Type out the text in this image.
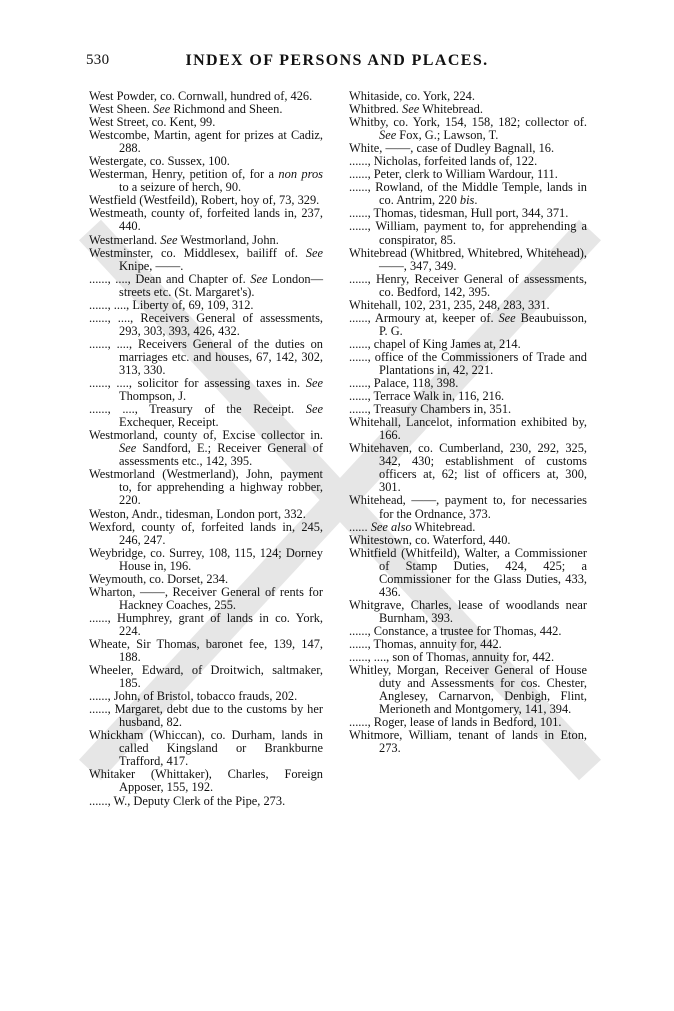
530	INDEX OF PERSONS AND PLACES.

West Powder, co. Cornwall, hundred of, 426.

West Sheen. See Richmond and Sheen.

West Street, co. Kent, 99.

Westcombe, Martin, agent for prizes at Cadiz, 288.

Westergate, co. Sussex, 100.

Westerman, Henry, petition of, for a non pros to a seizure of herch, 90.

Westfield (Westfeild), Robert, hoy of, 73, 329.

Westmeath, county of, forfeited lands in, 237, 440.

Westmerland. See Westmorland, John.

Westminster, co. Middlesex, bailiff of. See Knipe, ——.

......, ...., Dean and Chapter of. See London—streets etc. (St. Margaret's).

......, ...., Liberty of, 69, 109, 312.

......, ...., Receivers General of assessments, 293, 303, 393, 426, 432.

......, ...., Receivers General of the duties on marriages etc. and houses, 67, 142, 302, 313, 330.

......, ...., solicitor for assessing taxes in. See Thompson, J.

......, ...., Treasury of the Receipt. See Exchequer, Receipt.

Westmorland, county of, Excise collector in. See Sandford, E.; Receiver General of assessments etc., 142, 395.

Westmorland (Westmerland), John, payment to, for apprehending a highway robber, 220.

Weston, Andr., tidesman, London port, 332.

Wexford, county of, forfeited lands in, 245, 246, 247.

Weybridge, co. Surrey, 108, 115, 124; Dorney House in, 196.

Weymouth, co. Dorset, 234.

Wharton, ——, Receiver General of rents for Hackney Coaches, 255.

......, Humphrey, grant of lands in co. York, 224.

Wheate, Sir Thomas, baronet fee, 139, 147, 188.

Wheeler, Edward, of Droitwich, saltmaker, 185.

......, John, of Bristol, tobacco frauds, 202.

......, Margaret, debt due to the customs by her husband, 82.

Whickham (Whiccan), co. Durham, lands in called Kingsland or Brankburne Trafford, 417.

Whitaker (Whittaker), Charles, Foreign Apposer, 155, 192.

......, W., Deputy Clerk of the Pipe, 273.

Whitaside, co. York, 224.

Whitbred. See Whitebread.

Whitby, co. York, 154, 158, 182; collector of. See Fox, G.; Lawson, T.

White, ——, case of Dudley Bagnall, 16.

......, Nicholas, forfeited lands of, 122.

......, Peter, clerk to William Wardour, 111.

......, Rowland, of the Middle Temple, lands in co. Antrim, 220 bis.

......, Thomas, tidesman, Hull port, 344, 371.

......, William, payment to, for apprehending a conspirator, 85.

Whitebread (Whitbred, Whitebred, Whitehead), ——, 347, 349.

......, Henry, Receiver General of assessments, co. Bedford, 142, 395.

Whitehall, 102, 231, 235, 248, 283, 331.

......, Armoury at, keeper of. See Beaubuisson, P. G.

......, chapel of King James at, 214.

......, office of the Commissioners of Trade and Plantations in, 42, 221.

......, Palace, 118, 398.

......, Terrace Walk in, 116, 216.

......, Treasury Chambers in, 351.

Whitehall, Lancelot, information exhibited by, 166.

Whitehaven, co. Cumberland, 230, 292, 325, 342, 430; establishment of customs officers at, 62; list of officers at, 300, 301.

Whitehead, ——, payment to, for necessaries for the Ordnance, 373.

...... See also Whitebread.

Whitestown, co. Waterford, 440.

Whitfield (Whitfeild), Walter, a Commissioner of Stamp Duties, 424, 425; a Commissioner for the Glass Duties, 433, 436.

Whitgrave, Charles, lease of woodlands near Burnham, 393.

......, Constance, a trustee for Thomas, 442.

......, Thomas, annuity for, 442.

......, ...., son of Thomas, annuity for, 442.

Whitley, Morgan, Receiver General of House duty and Assessments for cos. Chester, Anglesey, Carnarvon, Denbigh, Flint, Merioneth and Montgomery, 141, 394.

......, Roger, lease of lands in Bedford, 101.

Whitmore, William, tenant of lands in Eton, 273.
